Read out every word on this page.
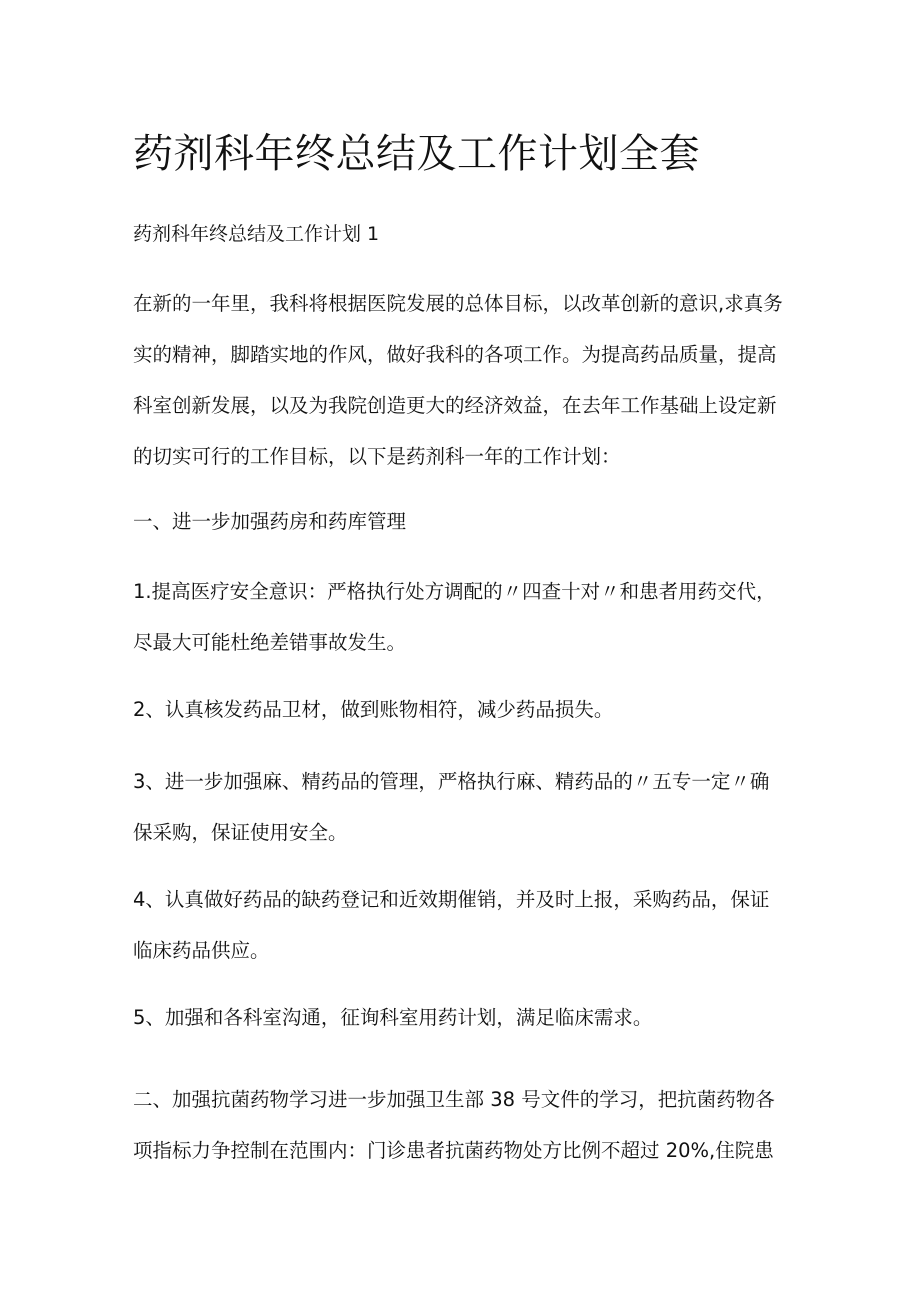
药剂科年终总结及工作计划全套

药剂科年终总结及工作计划 1

在新的一年里，我科将根据医院发展的总体目标，以改革创新的意识,求真务
实的精神，脚踏实地的作风，做好我科的各项工作。为提高药品质量，提高
科室创新发展，以及为我院创造更大的经济效益，在去年工作基础上设定新
的切实可行的工作目标，以下是药剂科一年的工作计划：

一、进一步加强药房和药库管理

1.提高医疗安全意识：严格执行处方调配的〃四查十对〃和患者用药交代，
尽最大可能杜绝差错事故发生。

2、认真核发药品卫材，做到账物相符，减少药品损失。

3、进一步加强麻、精药品的管理，严格执行麻、精药品的〃五专一定〃确
保采购，保证使用安全。

4、认真做好药品的缺药登记和近效期催销，并及时上报，采购药品，保证
临床药品供应。

5、加强和各科室沟通，征询科室用药计划，满足临床需求。

二、加强抗菌药物学习进一步加强卫生部 38 号文件的学习，把抗菌药物各
项指标力争控制在范围内：门诊患者抗菌药物处方比例不超过 20%,住院患
